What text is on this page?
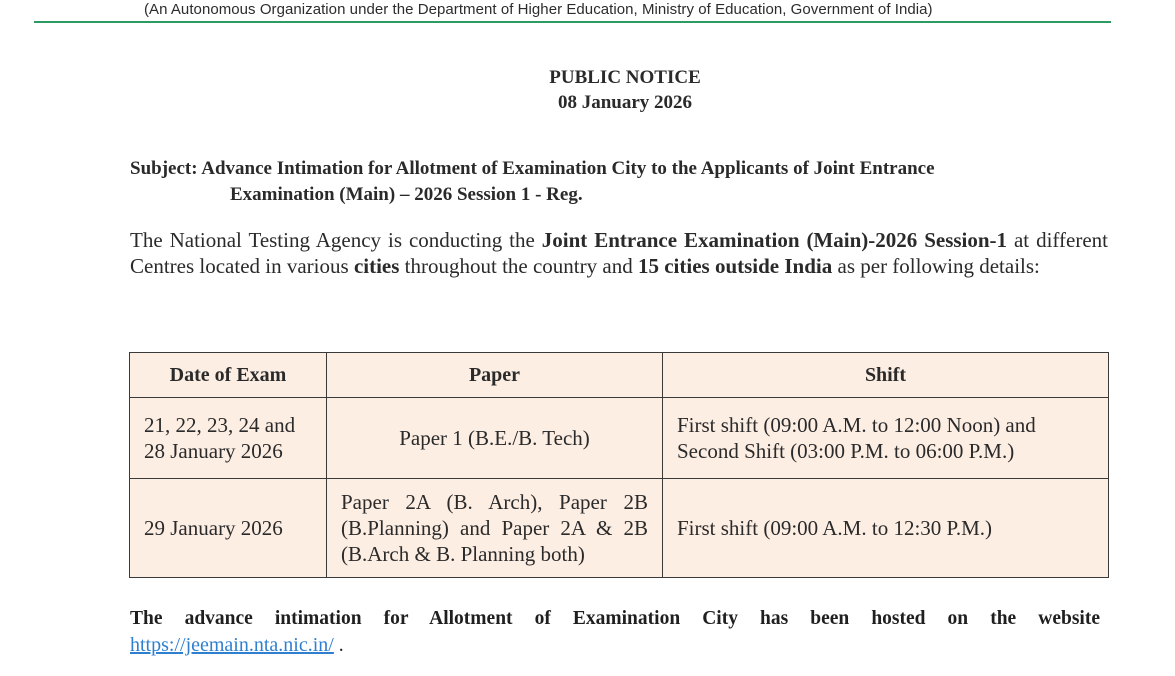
(An Autonomous Organization under the Department of Higher Education, Ministry of Education, Government of India)
PUBLIC NOTICE
08 January 2026
Subject: Advance Intimation for Allotment of Examination City to the Applicants of Joint Entrance
Examination (Main) – 2026 Session 1 - Reg.
The National Testing Agency is conducting the Joint Entrance Examination (Main)-2026 Session-1 at different Centres located in various cities throughout the country and 15 cities outside India as per following details:
Date of Exam	Paper	Shift
21, 22, 23, 24 and 28 January 2026	Paper 1 (B.E./B. Tech)	First shift (09:00 A.M. to 12:00 Noon) and Second Shift (03:00 P.M. to 06:00 P.M.)
29 January 2026	Paper 2A (B. Arch), Paper 2B (B.Planning) and Paper 2A & 2B (B.Arch & B. Planning both)	First shift (09:00 A.M. to 12:30 P.M.)
The advance intimation for Allotment of Examination City has been hosted on the website
https://jeemain.nta.nic.in/ .
